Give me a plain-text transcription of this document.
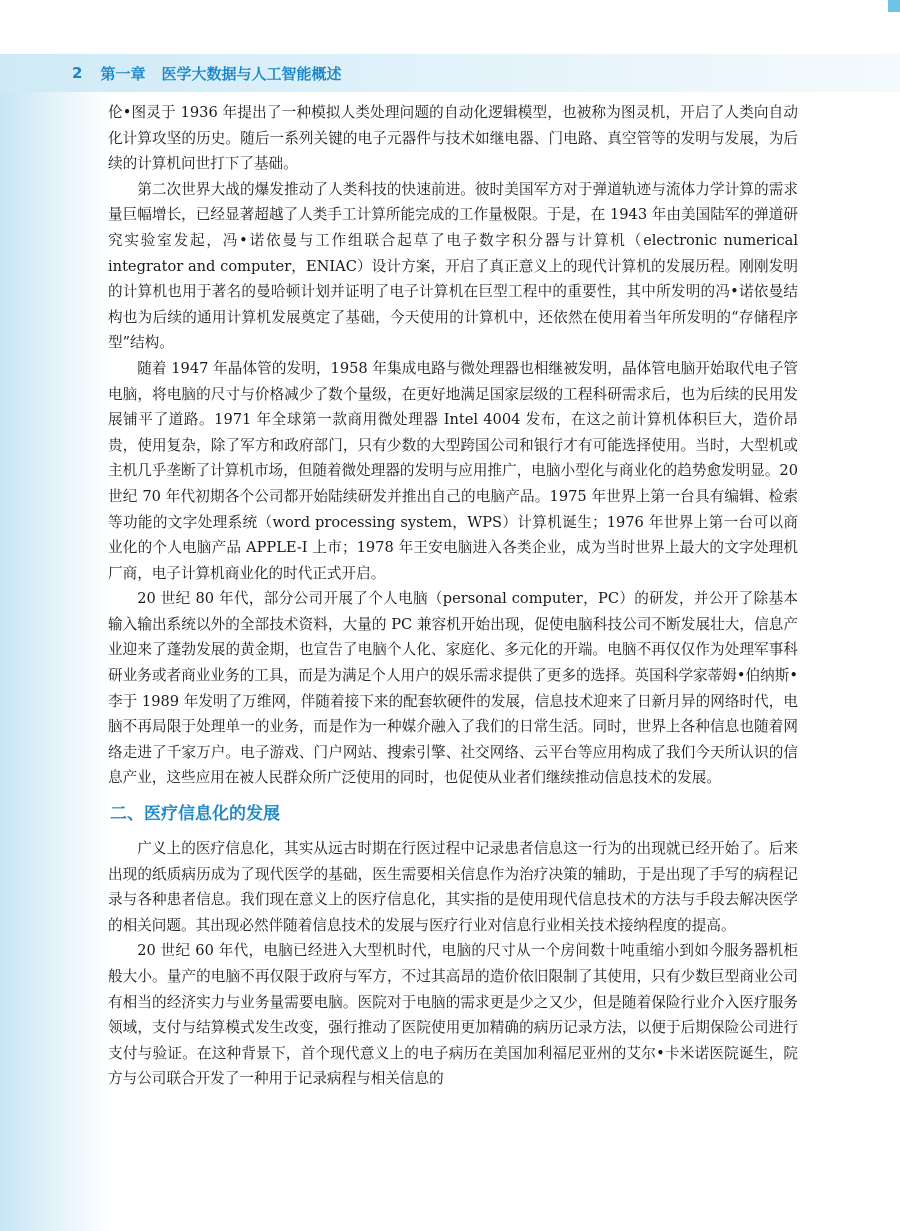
2 第一章 医学大数据与人工智能概述

伦•图灵于 1936 年提出了一种模拟人类处理问题的自动化逻辑模型，也被称为图灵机，开启了人类向自动化计算攻坚的历史。随后一系列关键的电子元器件与技术如继电器、门电路、真空管等的发明与发展，为后续的计算机问世打下了基础。

第二次世界大战的爆发推动了人类科技的快速前进。彼时美国军方对于弹道轨迹与流体力学计算的需求量巨幅增长，已经显著超越了人类手工计算所能完成的工作量极限。于是，在 1943 年由美国陆军的弹道研究实验室发起，冯•诺依曼与工作组联合起草了电子数字积分器与计算机（electronic numerical integrator and computer，ENIAC）设计方案，开启了真正意义上的现代计算机的发展历程。刚刚发明的计算机也用于著名的曼哈顿计划并证明了电子计算机在巨型工程中的重要性，其中所发明的冯•诺依曼结构也为后续的通用计算机发展奠定了基础，今天使用的计算机中，还依然在使用着当年所发明的“存储程序型”结构。

随着 1947 年晶体管的发明，1958 年集成电路与微处理器也相继被发明，晶体管电脑开始取代电子管电脑，将电脑的尺寸与价格减少了数个量级，在更好地满足国家层级的工程科研需求后，也为后续的民用发展铺平了道路。1971 年全球第一款商用微处理器 Intel 4004 发布，在这之前计算机体积巨大，造价昂贵，使用复杂，除了军方和政府部门，只有少数的大型跨国公司和银行才有可能选择使用。当时，大型机或主机几乎垄断了计算机市场，但随着微处理器的发明与应用推广，电脑小型化与商业化的趋势愈发明显。20 世纪 70 年代初期各个公司都开始陆续研发并推出自己的电脑产品。1975 年世界上第一台具有编辑、检索等功能的文字处理系统（word processing system，WPS）计算机诞生；1976 年世界上第一台可以商业化的个人电脑产品 APPLE-I 上市；1978 年王安电脑进入各类企业，成为当时世界上最大的文字处理机厂商，电子计算机商业化的时代正式开启。

20 世纪 80 年代，部分公司开展了个人电脑（personal computer，PC）的研发，并公开了除基本输入输出系统以外的全部技术资料，大量的 PC 兼容机开始出现，促使电脑科技公司不断发展壮大，信息产业迎来了蓬勃发展的黄金期，也宣告了电脑个人化、家庭化、多元化的开端。电脑不再仅仅作为处理军事科研业务或者商业业务的工具，而是为满足个人用户的娱乐需求提供了更多的选择。英国科学家蒂姆•伯纳斯•李于 1989 年发明了万维网，伴随着接下来的配套软硬件的发展，信息技术迎来了日新月异的网络时代，电脑不再局限于处理单一的业务，而是作为一种媒介融入了我们的日常生活。同时，世界上各种信息也随着网络走进了千家万户。电子游戏、门户网站、搜索引擎、社交网络、云平台等应用构成了我们今天所认识的信息产业，这些应用在被人民群众所广泛使用的同时，也促使从业者们继续推动信息技术的发展。

二、医疗信息化的发展

广义上的医疗信息化，其实从远古时期在行医过程中记录患者信息这一行为的出现就已经开始了。后来出现的纸质病历成为了现代医学的基础，医生需要相关信息作为治疗决策的辅助，于是出现了手写的病程记录与各种患者信息。我们现在意义上的医疗信息化，其实指的是使用现代信息技术的方法与手段去解决医学的相关问题。其出现必然伴随着信息技术的发展与医疗行业对信息行业相关技术接纳程度的提高。

20 世纪 60 年代，电脑已经进入大型机时代，电脑的尺寸从一个房间数十吨重缩小到如今服务器机柜般大小。量产的电脑不再仅限于政府与军方，不过其高昂的造价依旧限制了其使用，只有少数巨型商业公司有相当的经济实力与业务量需要电脑。医院对于电脑的需求更是少之又少，但是随着保险行业介入医疗服务领域，支付与结算模式发生改变，强行推动了医院使用更加精确的病历记录方法，以便于后期保险公司进行支付与验证。在这种背景下，首个现代意义上的电子病历在美国加利福尼亚州的艾尔•卡米诺医院诞生，院方与公司联合开发了一种用于记录病程与相关信息的
